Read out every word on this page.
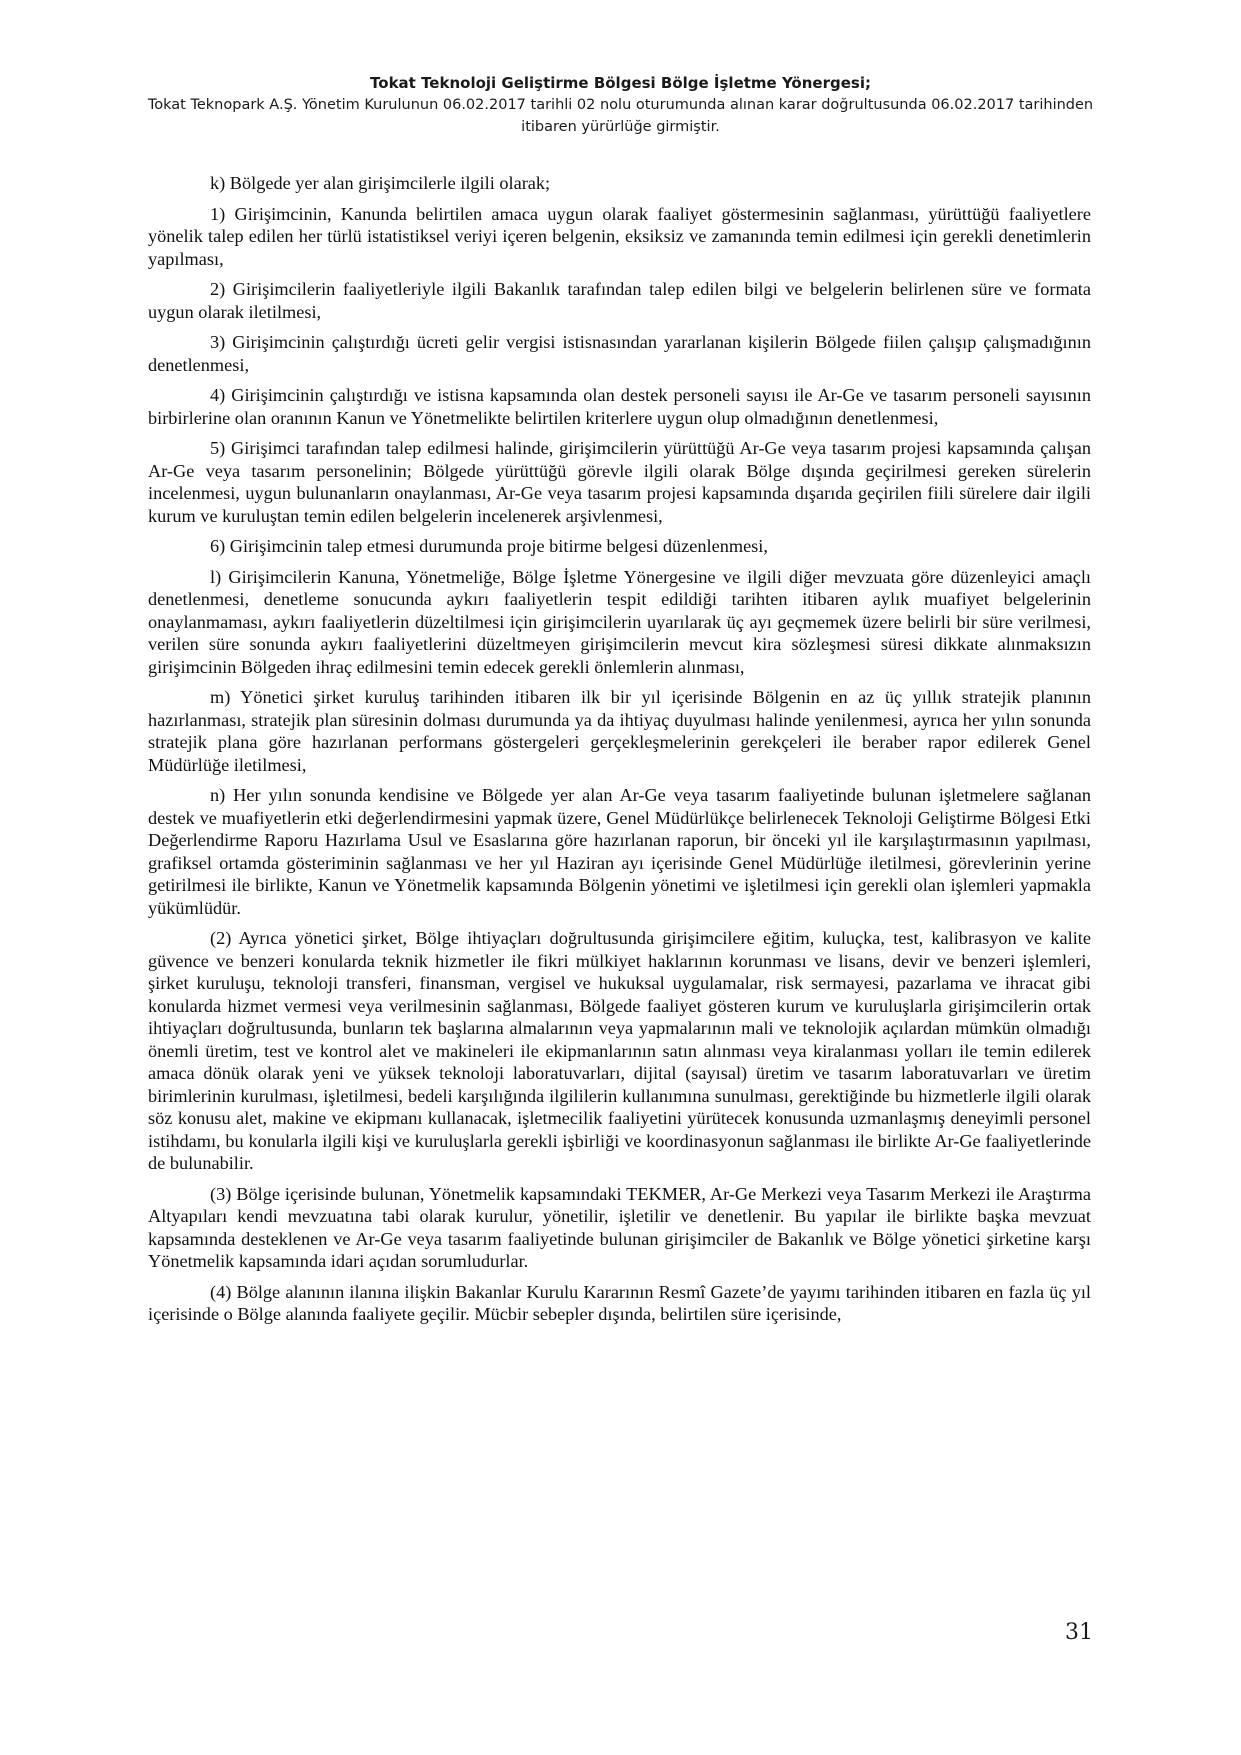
Tokat Teknoloji Geliştirme Bölgesi Bölge İşletme Yönergesi;
Tokat Teknopark A.Ş. Yönetim Kurulunun 06.02.2017 tarihli 02 nolu oturumunda alınan karar doğrultusunda 06.02.2017 tarihinden itibaren yürürlüğe girmiştir.

k) Bölgede yer alan girişimcilerle ilgili olarak;

1) Girişimcinin, Kanunda belirtilen amaca uygun olarak faaliyet göstermesinin sağlanması, yürüttüğü faaliyetlere yönelik talep edilen her türlü istatistiksel veriyi içeren belgenin, eksiksiz ve zamanında temin edilmesi için gerekli denetimlerin yapılması,

2) Girişimcilerin faaliyetleriyle ilgili Bakanlık tarafından talep edilen bilgi ve belgelerin belirlenen süre ve formata uygun olarak iletilmesi,

3) Girişimcinin çalıştırdığı ücreti gelir vergisi istisnasından yararlanan kişilerin Bölgede fiilen çalışıp çalışmadığının denetlenmesi,

4) Girişimcinin çalıştırdığı ve istisna kapsamında olan destek personeli sayısı ile Ar-Ge ve tasarım personeli sayısının birbirlerine olan oranının Kanun ve Yönetmelikte belirtilen kriterlere uygun olup olmadığının denetlenmesi,

5) Girişimci tarafından talep edilmesi halinde, girişimcilerin yürüttüğü Ar-Ge veya tasarım projesi kapsamında çalışan Ar-Ge veya tasarım personelinin; Bölgede yürüttüğü görevle ilgili olarak Bölge dışında geçirilmesi gereken sürelerin incelenmesi, uygun bulunanların onaylanması, Ar-Ge veya tasarım projesi kapsamında dışarıda geçirilen fiili sürelere dair ilgili kurum ve kuruluştan temin edilen belgelerin incelenerek arşivlenmesi,

6) Girişimcinin talep etmesi durumunda proje bitirme belgesi düzenlenmesi,

l) Girişimcilerin Kanuna, Yönetmeliğe, Bölge İşletme Yönergesine ve ilgili diğer mevzuata göre düzenleyici amaçlı denetlenmesi, denetleme sonucunda aykırı faaliyetlerin tespit edildiği tarihten itibaren aylık muafiyet belgelerinin onaylanmaması, aykırı faaliyetlerin düzeltilmesi için girişimcilerin uyarılarak üç ayı geçmemek üzere belirli bir süre verilmesi, verilen süre sonunda aykırı faaliyetlerini düzeltmeyen girişimcilerin mevcut kira sözleşmesi süresi dikkate alınmaksızın girişimcinin Bölgeden ihraç edilmesini temin edecek gerekli önlemlerin alınması,

m) Yönetici şirket kuruluş tarihinden itibaren ilk bir yıl içerisinde Bölgenin en az üç yıllık stratejik planının hazırlanması, stratejik plan süresinin dolması durumunda ya da ihtiyaç duyulması halinde yenilenmesi, ayrıca her yılın sonunda stratejik plana göre hazırlanan performans göstergeleri gerçekleşmelerinin gerekçeleri ile beraber rapor edilerek Genel Müdürlüğe iletilmesi,

n) Her yılın sonunda kendisine ve Bölgede yer alan Ar-Ge veya tasarım faaliyetinde bulunan işletmelere sağlanan destek ve muafiyetlerin etki değerlendirmesini yapmak üzere, Genel Müdürlükçe belirlenecek Teknoloji Geliştirme Bölgesi Etki Değerlendirme Raporu Hazırlama Usul ve Esaslarına göre hazırlanan raporun, bir önceki yıl ile karşılaştırmasının yapılması, grafiksel ortamda gösteriminin sağlanması ve her yıl Haziran ayı içerisinde Genel Müdürlüğe iletilmesi, görevlerinin yerine getirilmesi ile birlikte, Kanun ve Yönetmelik kapsamında Bölgenin yönetimi ve işletilmesi için gerekli olan işlemleri yapmakla yükümlüdür.

(2) Ayrıca yönetici şirket, Bölge ihtiyaçları doğrultusunda girişimcilere eğitim, kuluçka, test, kalibrasyon ve kalite güvence ve benzeri konularda teknik hizmetler ile fikri mülkiyet haklarının korunması ve lisans, devir ve benzeri işlemleri, şirket kuruluşu, teknoloji transferi, finansman, vergisel ve hukuksal uygulamalar, risk sermayesi, pazarlama ve ihracat gibi konularda hizmet vermesi veya verilmesinin sağlanması, Bölgede faaliyet gösteren kurum ve kuruluşlarla girişimcilerin ortak ihtiyaçları doğrultusunda, bunların tek başlarına almalarının veya yapmalarının mali ve teknolojik açılardan mümkün olmadığı önemli üretim, test ve kontrol alet ve makineleri ile ekipmanlarının satın alınması veya kiralanması yolları ile temin edilerek amaca dönük olarak yeni ve yüksek teknoloji laboratuvarları, dijital (sayısal) üretim ve tasarım laboratuvarları ve üretim birimlerinin kurulması, işletilmesi, bedeli karşılığında ilgililerin kullanımına sunulması, gerektiğinde bu hizmetlerle ilgili olarak söz konusu alet, makine ve ekipmanı kullanacak, işletmecilik faaliyetini yürütecek konusunda uzmanlaşmış deneyimli personel istihdamı, bu konularla ilgili kişi ve kuruluşlarla gerekli işbirliği ve koordinasyonun sağlanması ile birlikte Ar-Ge faaliyetlerinde de bulunabilir.

(3) Bölge içerisinde bulunan, Yönetmelik kapsamındaki TEKMER, Ar-Ge Merkezi veya Tasarım Merkezi ile Araştırma Altyapıları kendi mevzuatına tabi olarak kurulur, yönetilir, işletilir ve denetlenir. Bu yapılar ile birlikte başka mevzuat kapsamında desteklenen ve Ar-Ge veya tasarım faaliyetinde bulunan girişimciler de Bakanlık ve Bölge yönetici şirketine karşı Yönetmelik kapsamında idari açıdan sorumludurlar.

(4) Bölge alanının ilanına ilişkin Bakanlar Kurulu Kararının Resmî Gazete’de yayımı tarihinden itibaren en fazla üç yıl içerisinde o Bölge alanında faaliyete geçilir. Mücbir sebepler dışında, belirtilen süre içerisinde,

31
